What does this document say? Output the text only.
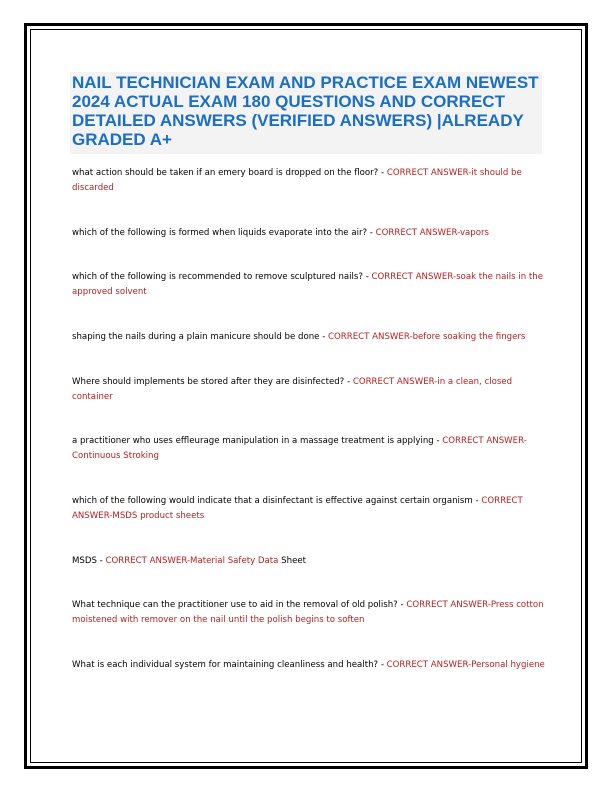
NAIL TECHNICIAN EXAM AND PRACTICE EXAM NEWEST 2024 ACTUAL EXAM 180 QUESTIONS AND CORRECT DETAILED ANSWERS (VERIFIED ANSWERS) |ALREADY GRADED A+

what action should be taken if an emery board is dropped on the floor? - CORRECT ANSWER-it should be discarded

which of the following is formed when liquids evaporate into the air? - CORRECT ANSWER-vapors

which of the following is recommended to remove sculptured nails? - CORRECT ANSWER-soak the nails in the approved solvent

shaping the nails during a plain manicure should be done - CORRECT ANSWER-before soaking the fingers

Where should implements be stored after they are disinfected? - CORRECT ANSWER-in a clean, closed container

a practitioner who uses effleurage manipulation in a massage treatment is applying - CORRECT ANSWER-Continuous Stroking

which of the following would indicate that a disinfectant is effective against certain organism - CORRECT ANSWER-MSDS product sheets

MSDS - CORRECT ANSWER-Material Safety Data Sheet

What technique can the practitioner use to aid in the removal of old polish? - CORRECT ANSWER-Press cotton moistened with remover on the nail until the polish begins to soften

What is each individual system for maintaining cleanliness and health? - CORRECT ANSWER-Personal hygiene
